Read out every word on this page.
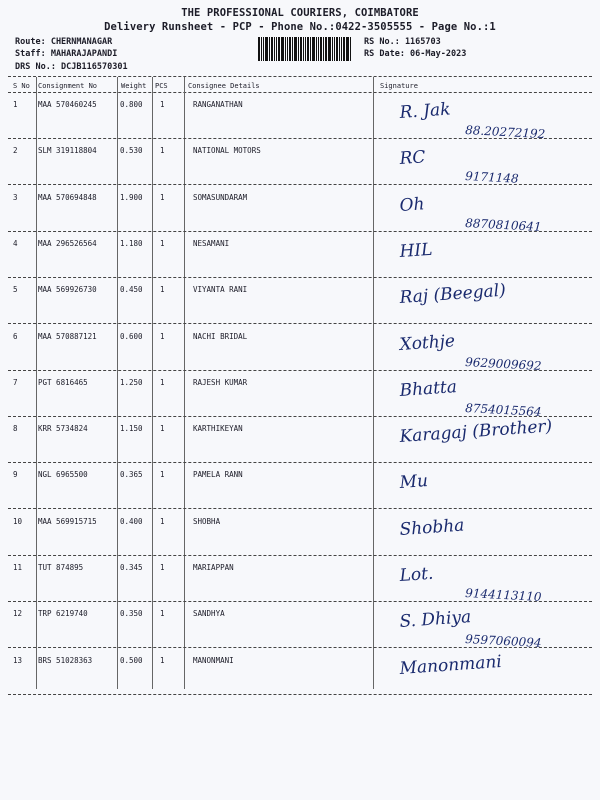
THE PROFESSIONAL COURIERS, COIMBATORE
Delivery Runsheet - PCP - Phone No.:0422-3505555 - Page No.:1
Route: CHERNMANAGAR
Staff: MAHARAJAPANDI
DRS No.: DCJB116570301
RS No.: 1165703
RS Date: 06-May-2023
S No Consignment No	Weight PCS	Consignee Details	Signature
1	MAA 570460245	0.800 1	RANGANATHAN	R. Jak
88.20272192
2	SLM 319118804	0.530 1	NATIONAL MOTORS	RC
9171148
3	MAA 570694848	1.900 1	SOMASUNDARAM	Oh
8870810641
4	MAA 296526564	1.180 1	NESAMANI	HIL
5	MAA 569926730	0.450 1	VIYANTA RANI	Raj (Beegal)
6	MAA 570887121	0.600 1	NACHI BRIDAL	Xothje
9629009692
7	PGT 6816465	1.250 1	RAJESH KUMAR	Bhatta
8754015564
8	KRR 5734824	1.150 1	KARTHIKEYAN	Karagaj (Brother)
9	NGL 6965500	0.365 1	PAMELA RANN	Mu
10 MAA 569915715	0.400 1	SHOBHA	Shobha
11 TUT 874895	0.345 1	MARIAPPAN	Lot.
9144113110
12 TRP 6219740	0.350 1	SANDHYA	S. Dhiya
9597060094
13 BRS 51028363	0.500 1	MANONMANI	Manonmani
